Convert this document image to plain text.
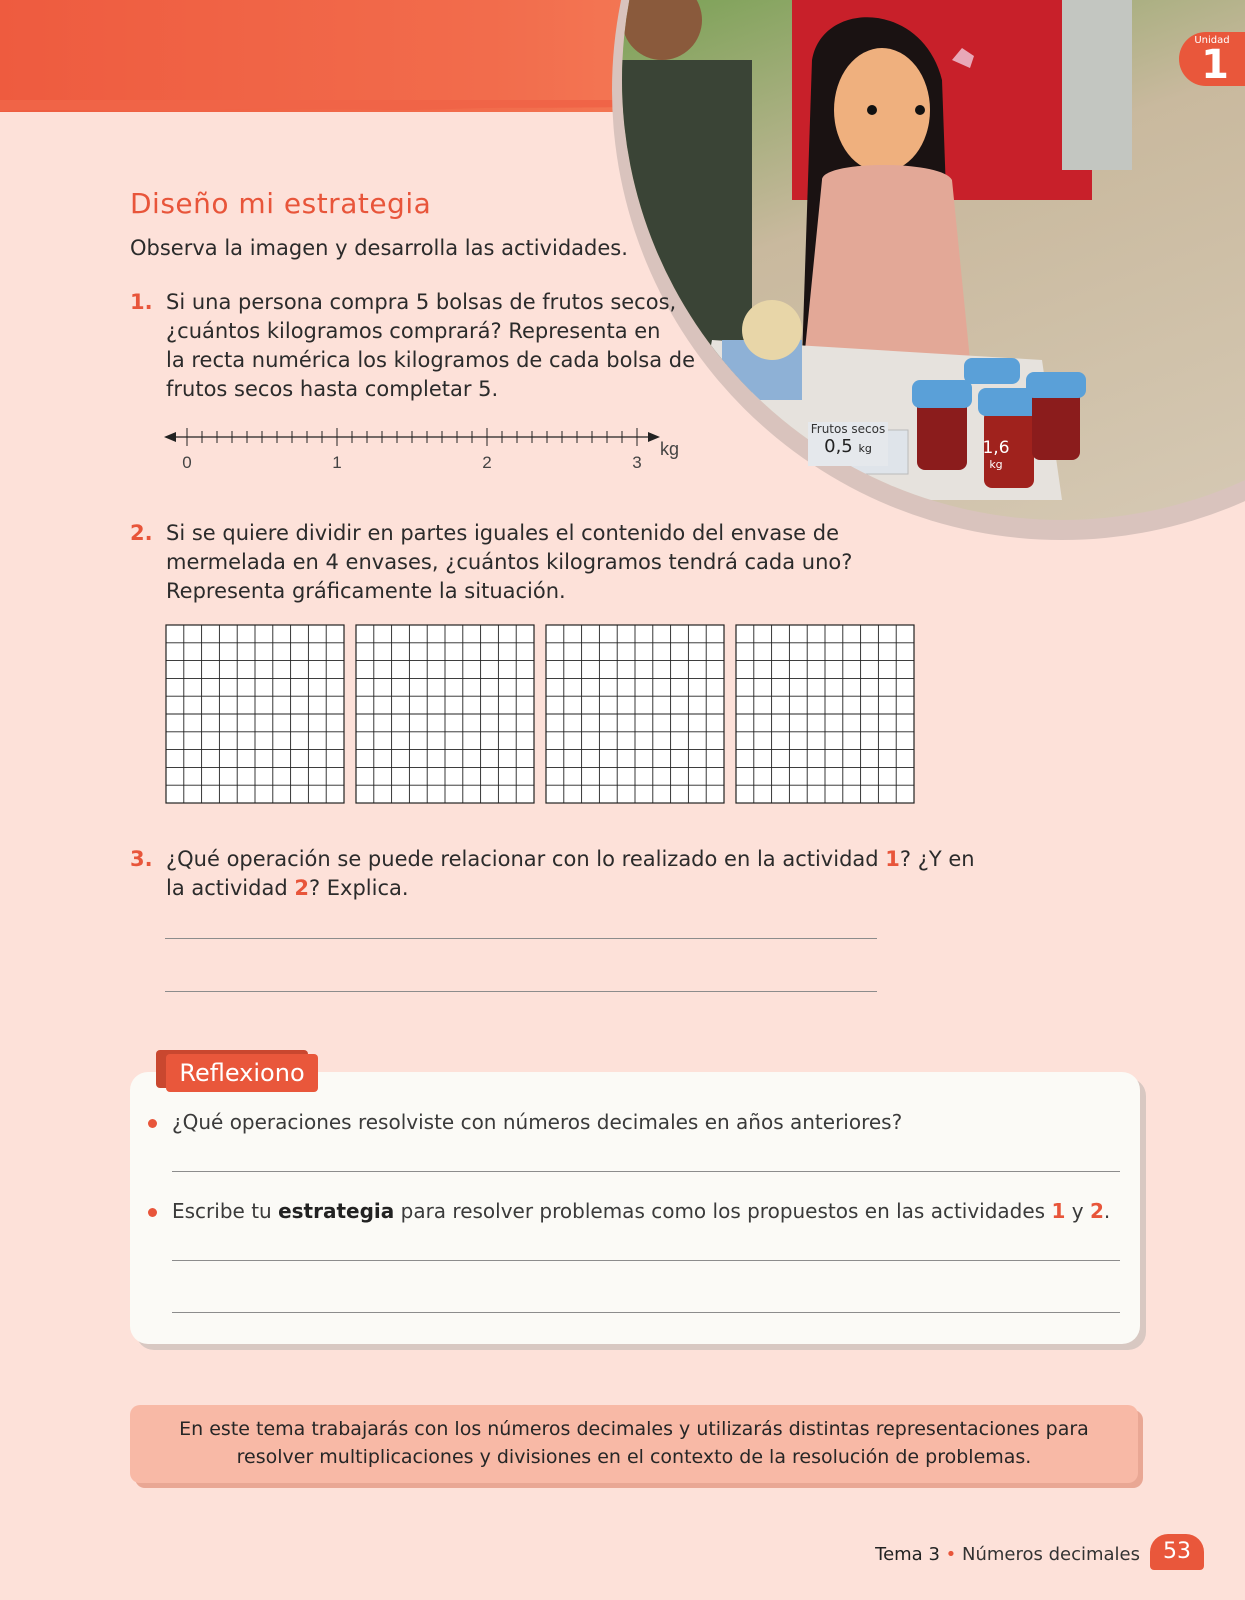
Frutos secos
0,5 kg	1,6
kg
Unidad
1
Diseño mi estrategia
Observa la imagen y desarrolla las actividades.
1. Si una persona compra 5 bolsas de frutos secos,
¿cuántos kilogramos comprará? Representa en
la recta numérica los kilogramos de cada bolsa de
frutos secos hasta completar 5.
0	1	2	3
kg
2. Si se quiere dividir en partes iguales el contenido del envase de
mermelada en 4 envases, ¿cuántos kilogramos tendrá cada uno?
Representa gráficamente la situación.
3. ¿Qué operación se puede relacionar con lo realizado en la actividad 1? ¿Y en
la actividad 2? Explica.
Reflexiono
¿Qué operaciones resolviste con números decimales en años anteriores?
Escribe tu estrategia para resolver problemas como los propuestos en las actividades 1 y 2.
En este tema trabajarás con los números decimales y utilizarás distintas representaciones para
resolver multiplicaciones y divisiones en el contexto de la resolución de problemas.
Tema 3 • Números decimales	53
